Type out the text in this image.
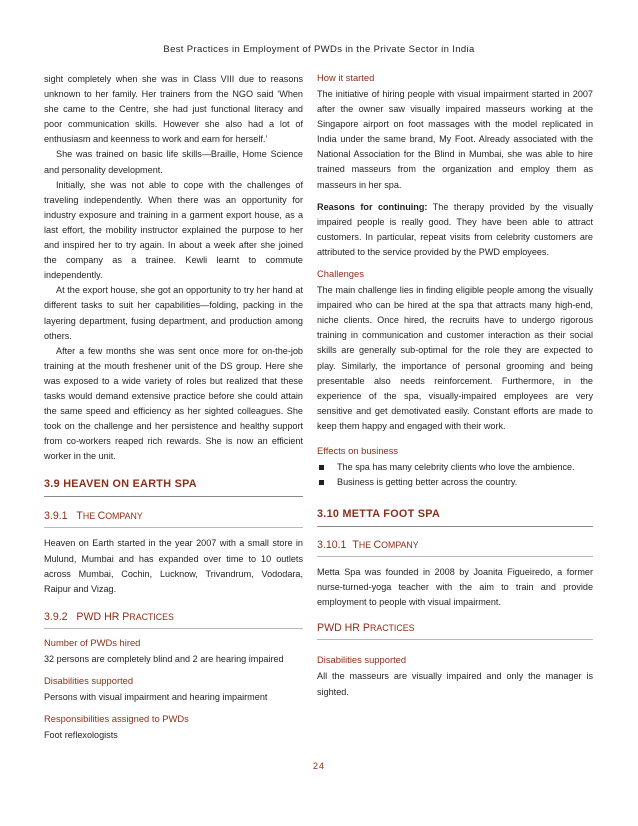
Best Practices in Employment of PWDs in the Private Sector in India

sight completely when she was in Class VIII due to reasons unknown to her family. Her trainers from the NGO said ‘When she came to the Centre, she had just functional literacy and poor communication skills. However she also had a lot of enthusiasm and keenness to work and earn for herself.’

She was trained on basic life skills—Braille, Home Science and personality development.

Initially, she was not able to cope with the challenges of traveling independently. When there was an opportunity for industry exposure and training in a garment export house, as a last effort, the mobility instructor explained the purpose to her and inspired her to try again. In about a week after she joined the company as a trainee. Kewli learnt to commute independently.

At the export house, she got an opportunity to try her hand at different tasks to suit her capabilities—folding, packing in the layering department, fusing department, and production among others.

After a few months she was sent once more for on-the-job training at the mouth freshener unit of the DS group. Here she was exposed to a wide variety of roles but realized that these tasks would demand extensive practice before she could attain the same speed and efficiency as her sighted colleagues. She took on the challenge and her persistence and healthy support from co-workers reaped rich rewards. She is now an efficient worker in the unit.

3.9 HEAVEN ON EARTH SPA
3.9.1 THE COMPANY

Heaven on Earth started in the year 2007 with a small store in Mulund, Mumbai and has expanded over time to 10 outlets across Mumbai, Cochin, Lucknow, Trivandrum, Vododara, Raipur and Vizag.

3.9.2 PWD HR PRACTICES
Number of PWDs hired

32 persons are completely blind and 2 are hearing impaired

Disabilities supported

Persons with visual impairment and hearing impairment

Responsibilities assigned to PWDs

Foot reflexologists

How it started

The initiative of hiring people with visual impairment started in 2007 after the owner saw visually impaired masseurs working at the Singapore airport on foot massages with the model replicated in India under the same brand, My Foot. Already associated with the National Association for the Blind in Mumbai, she was able to hire trained masseurs from the organization and employ them as masseurs in her spa.

Reasons for continuing: The therapy provided by the visually impaired people is really good. They have been able to attract customers. In particular, repeat visits from celebrity customers are attributed to the service provided by the PWD employees.

Challenges

The main challenge lies in finding eligible people among the visually impaired who can be hired at the spa that attracts many high-end, niche clients. Once hired, the recruits have to undergo rigorous training in communication and customer interaction as their social skills are generally sub-optimal for the role they are expected to play. Similarly, the importance of personal grooming and being presentable also needs reinforcement. Furthermore, in the experience of the spa, visually-impaired employees are very sensitive and get demotivated easily. Constant efforts are made to keep them happy and engaged with their work.

Effects on business
The spa has many celebrity clients who love the ambience.
Business is getting better across the country.
3.10 METTA FOOT SPA
3.10.1 THE COMPANY

Metta Spa was founded in 2008 by Joanita Figueiredo, a former nurse-turned-yoga teacher with the aim to train and provide employment to people with visual impairment.

PWD HR PRACTICES
Disabilities supported

All the masseurs are visually impaired and only the manager is sighted.

24
